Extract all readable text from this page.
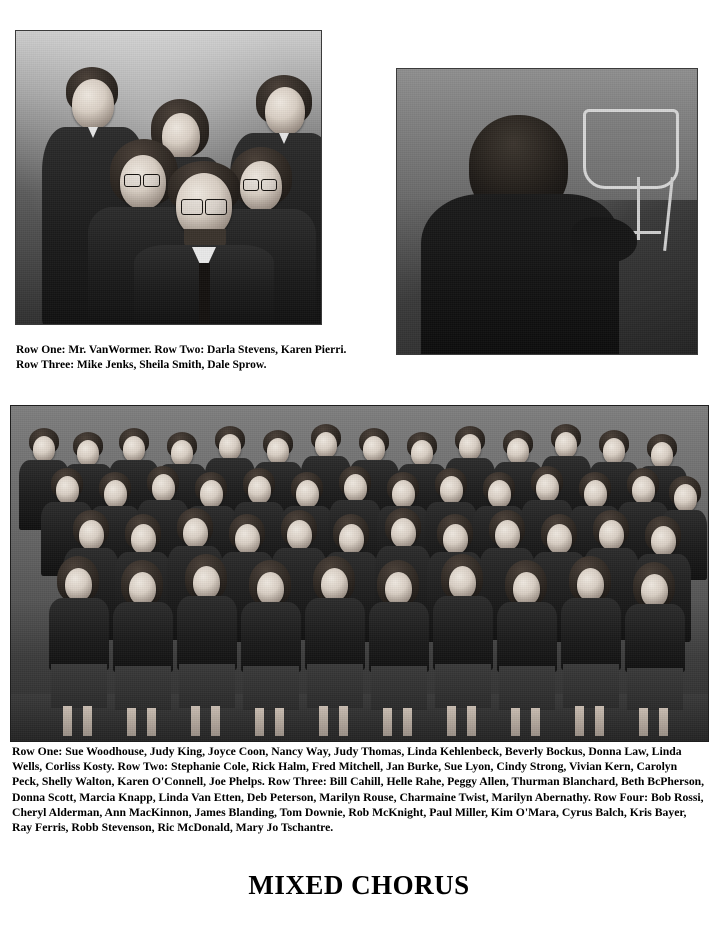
Row One: Mr. VanWormer. Row Two: Darla Stevens, Karen Pierri. Row Three: Mike Jenks, Sheila Smith, Dale Sprow.
Row One: Sue Woodhouse, Judy King, Joyce Coon, Nancy Way, Judy Thomas, Linda Kehlenbeck, Beverly Bockus, Donna Law, Linda Wells, Corliss Kosty. Row Two: Stephanie Cole, Rick Halm, Fred Mitchell, Jan Burke, Sue Lyon, Cindy Strong, Vivian Kern, Carolyn Peck, Shelly Walton, Karen O'Connell, Joe Phelps. Row Three: Bill Cahill, Helle Rahe, Peggy Allen, Thurman Blanchard, Beth BcPherson, Donna Scott, Marcia Knapp, Linda Van Etten, Deb Peterson, Marilyn Rouse, Charmaine Twist, Marilyn Abernathy. Row Four: Bob Rossi, Cheryl Alderman, Ann MacKinnon, James Blanding, Tom Downie, Rob McKnight, Paul Miller, Kim O'Mara, Cyrus Balch, Kris Bayer, Ray Ferris, Robb Stevenson, Ric McDonald, Mary Jo Tschantre.
MIXED CHORUS
